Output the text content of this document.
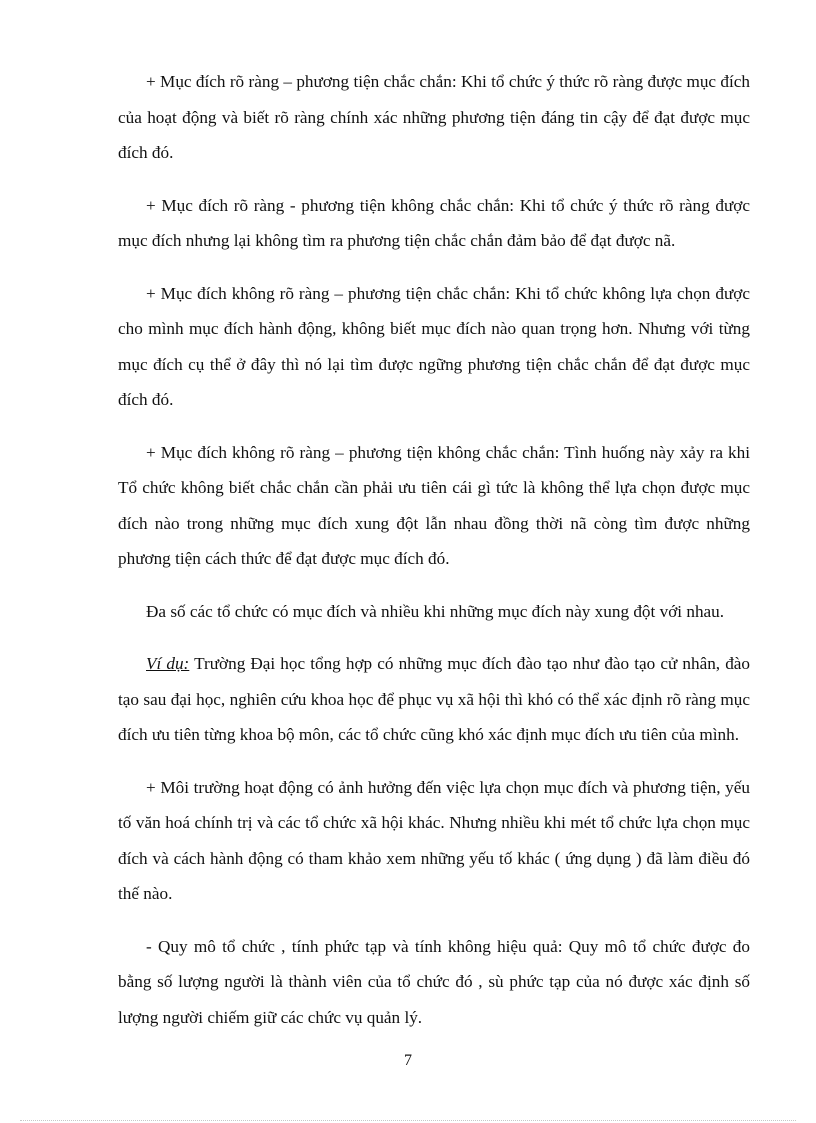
+ Mục đích rõ ràng – phương tiện chắc chắn: Khi tổ chức ý thức rõ ràng được mục đích của hoạt động và biết rõ ràng chính xác những phương tiện đáng tin cậy để đạt được mục đích đó.

+ Mục đích rõ ràng - phương tiện không chắc chắn: Khi tổ chức ý thức rõ ràng được mục đích nhưng lại không tìm ra phương tiện chắc chắn đảm bảo để đạt được nã.

+ Mục đích không rõ ràng – phương tiện chắc chắn: Khi tổ chức không lựa chọn được cho mình mục đích hành động, không biết mục đích nào quan trọng hơn. Nhưng với từng mục đích cụ thể ở đây thì nó lại tìm được ngững phương tiện chắc chắn để đạt được mục đích đó.

+ Mục đích không rõ ràng – phương tiện không chắc chắn: Tình huống này xảy ra khi Tổ chức không biết chắc chắn cần phải ưu tiên cái gì tức là không thể lựa chọn được mục đích nào trong những mục đích xung đột lẫn nhau đồng thời nã còng tìm được những phương tiện cách thức để đạt được mục đích đó.

Đa số các tổ chức có mục đích và nhiều khi những mục đích này xung đột với nhau.

Ví dụ: Trường Đại học tổng hợp có những mục đích đào tạo như đào tạo cử nhân, đào tạo sau đại học, nghiên cứu khoa học để phục vụ xã hội thì khó có thể xác định rõ ràng mục đích ưu tiên từng khoa bộ môn, các tổ chức cũng khó xác định mục đích ưu tiên của mình.

+ Môi trường hoạt động có ảnh hưởng đến việc lựa chọn mục đích và phương tiện, yếu tố văn hoá chính trị và các tổ chức xã hội khác. Nhưng nhiều khi mét tổ chức lựa chọn mục đích và cách hành động có tham khảo xem những yếu tố khác ( ứng dụng ) đã làm điều đó thế nào.

- Quy mô tổ chức , tính phức tạp và tính không hiệu quả: Quy mô tổ chức được đo bằng số lượng người là thành viên của tổ chức đó , sù phức tạp của nó được xác định số lượng người chiếm giữ các chức vụ quản lý.

7
